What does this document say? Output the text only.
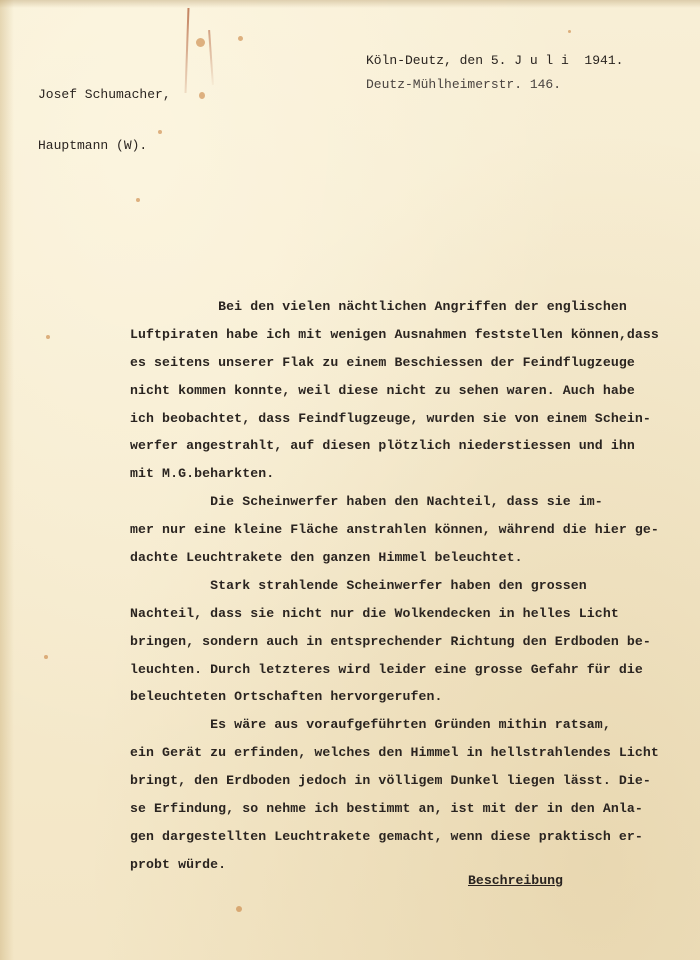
Josef Schumacher,

Hauptmann (W).

Köln-Deutz, den 5. J u l i  1941.
Deutz-Mühlheimerstr. 146.
Bei den vielen nächtlichen Angriffen der englischen
Luftpiraten habe ich mit wenigen Ausnahmen feststellen können,dass
es seitens unserer Flak zu einem Beschiessen der Feindflugzeuge
nicht kommen konnte, weil diese nicht zu sehen waren. Auch habe
ich beobachtet, dass Feindflugzeuge, wurden sie von einem Schein-
werfer angestrahlt, auf diesen plötzlich niederstiessen und ihn
mit M.G.beharkten.
Die Scheinwerfer haben den Nachteil, dass sie im-
mer nur eine kleine Fläche anstrahlen können, während die hier ge-
dachte Leuchtrakete den ganzen Himmel beleuchtet.
Stark strahlende Scheinwerfer haben den grossen
Nachteil, dass sie nicht nur die Wolkendecken in helles Licht
bringen, sondern auch in entsprechender Richtung den Erdboden be-
leuchten. Durch letzteres wird leider eine grosse Gefahr für die
beleuchteten Ortschaften hervorgerufen.
Es wäre aus voraufgeführten Gründen mithin ratsam,
ein Gerät zu erfinden, welches den Himmel in hellstrahlendes Licht
bringt, den Erdboden jedoch in völligem Dunkel liegen lässt. Die-
se Erfindung, so nehme ich bestimmt an, ist mit der in den Anla-
gen dargestellten Leuchtrakete gemacht, wenn diese praktisch er-
probt würde.
Beschreibung
